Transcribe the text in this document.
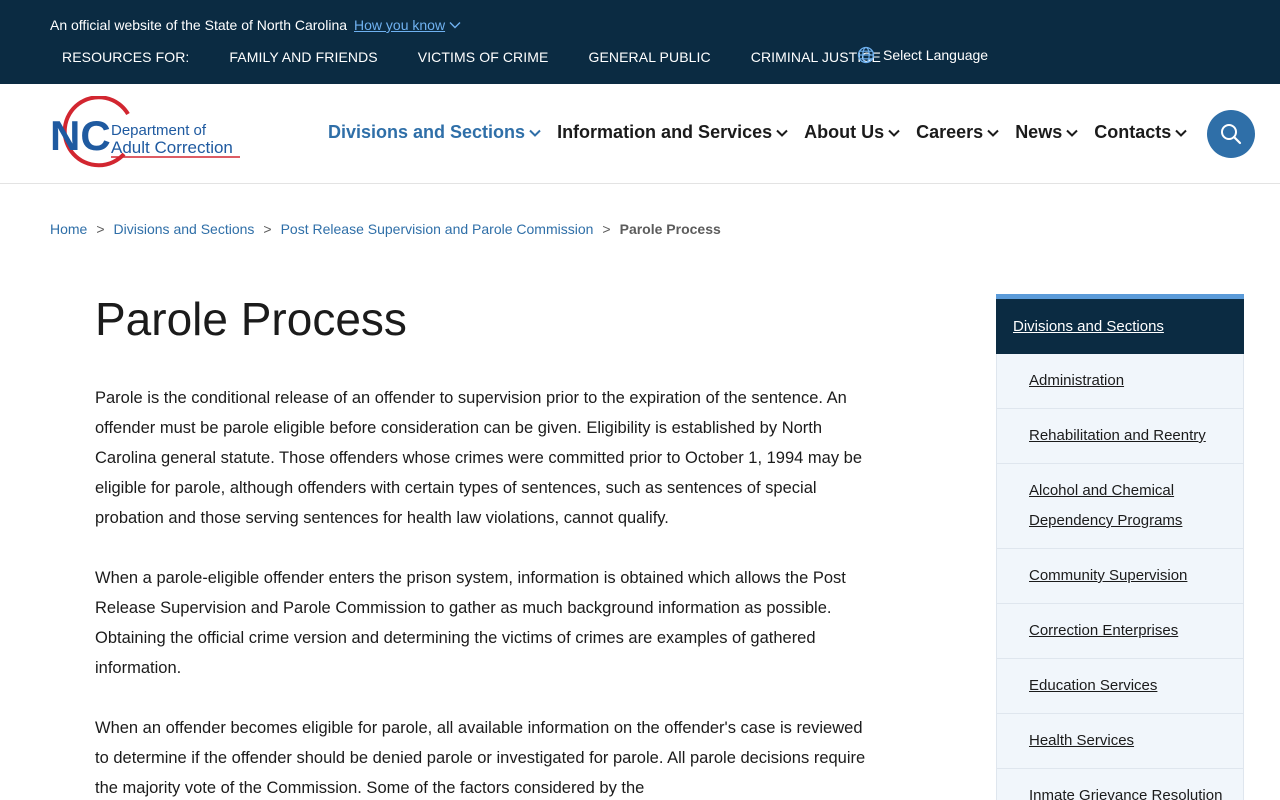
An official website of the State of North Carolina How you know
RESOURCES FOR:	FAMILY AND FRIENDS	VICTIMS OF CRIME	GENERAL PUBLIC	CRIMINAL JUSTICE Select Language
NC Department of
Adult Correction
Divisions and Sections Information and Services About Us Careers News Contacts
Home > Divisions and Sections > Post Release Supervision and Parole Commission > Parole Process
Parole Process

Parole is the conditional release of an offender to supervision prior to the expiration of the sentence. An offender must be parole eligible before consideration can be given. Eligibility is established by North Carolina general statute. Those offenders whose crimes were committed prior to October 1, 1994 may be eligible for parole, although offenders with certain types of sentences, such as sentences of special probation and those serving sentences for health law violations, cannot qualify.

When a parole-eligible offender enters the prison system, information is obtained which allows the Post Release Supervision and Parole Commission to gather as much background information as possible. Obtaining the official crime version and determining the victims of crimes are examples of gathered information.

When an offender becomes eligible for parole, all available information on the offender's case is reviewed to determine if the offender should be denied parole or investigated for parole. All parole decisions require the majority vote of the Commission. Some of the factors considered by the

Divisions and Sections
Administration
Rehabilitation and Reentry
Alcohol and Chemical Dependency Programs
Community Supervision
Correction Enterprises
Education Services
Health Services
Inmate Grievance Resolution
